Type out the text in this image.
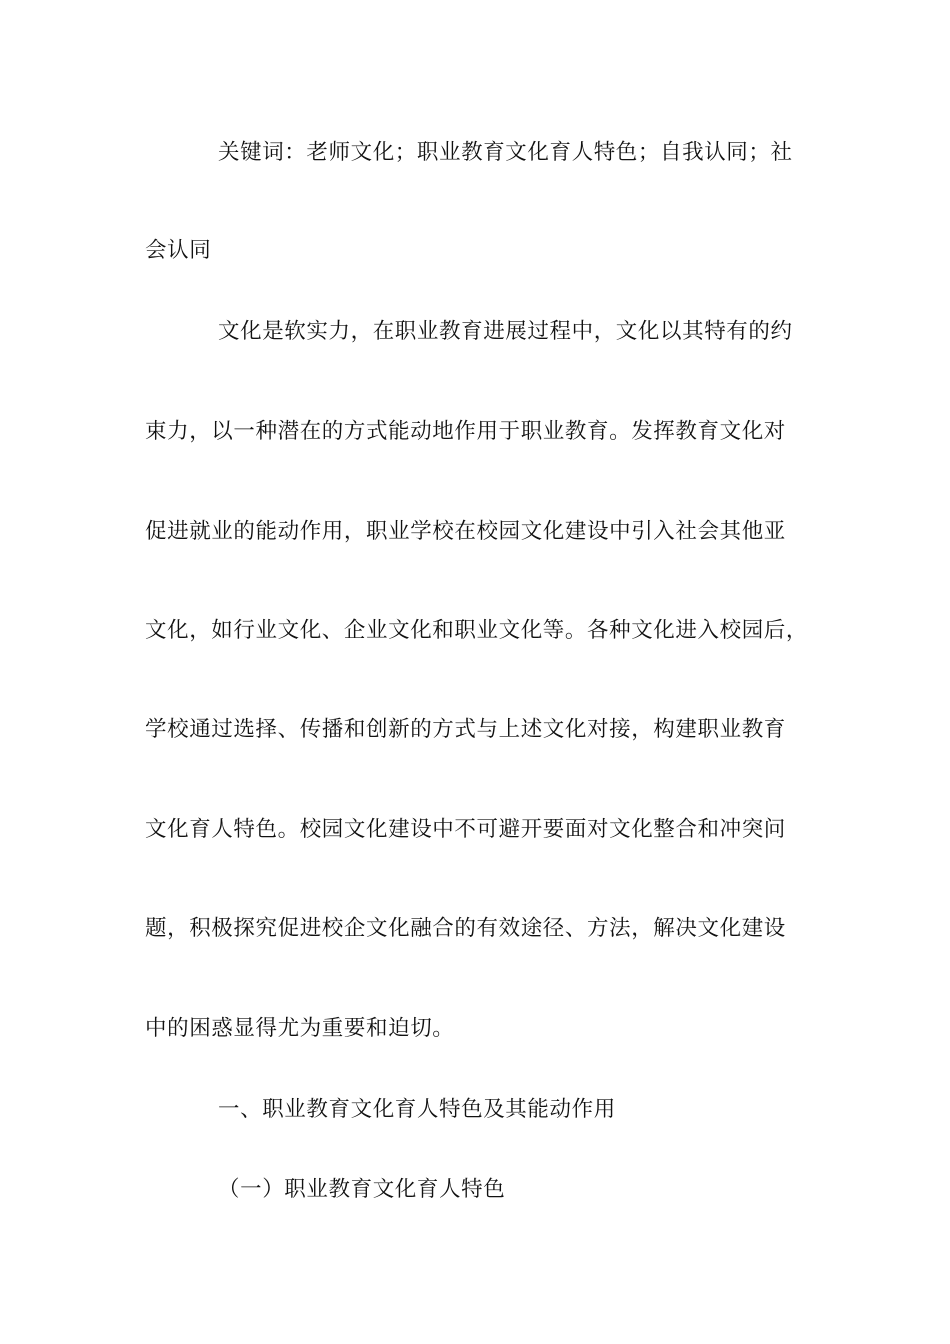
关键词：老师文化；职业教育文化育人特色；自我认同；社
会认同
文化是软实力，在职业教育进展过程中，文化以其特有的约
束力，以一种潜在的方式能动地作用于职业教育。发挥教育文化对
促进就业的能动作用，职业学校在校园文化建设中引入社会其他亚
文化，如行业文化、企业文化和职业文化等。各种文化进入校园后，
学校通过选择、传播和创新的方式与上述文化对接，构建职业教育
文化育人特色。校园文化建设中不可避开要面对文化整合和冲突问
题，积极探究促进校企文化融合的有效途径、方法，解决文化建设
中的困惑显得尤为重要和迫切。
一、职业教育文化育人特色及其能动作用
（一）职业教育文化育人特色
